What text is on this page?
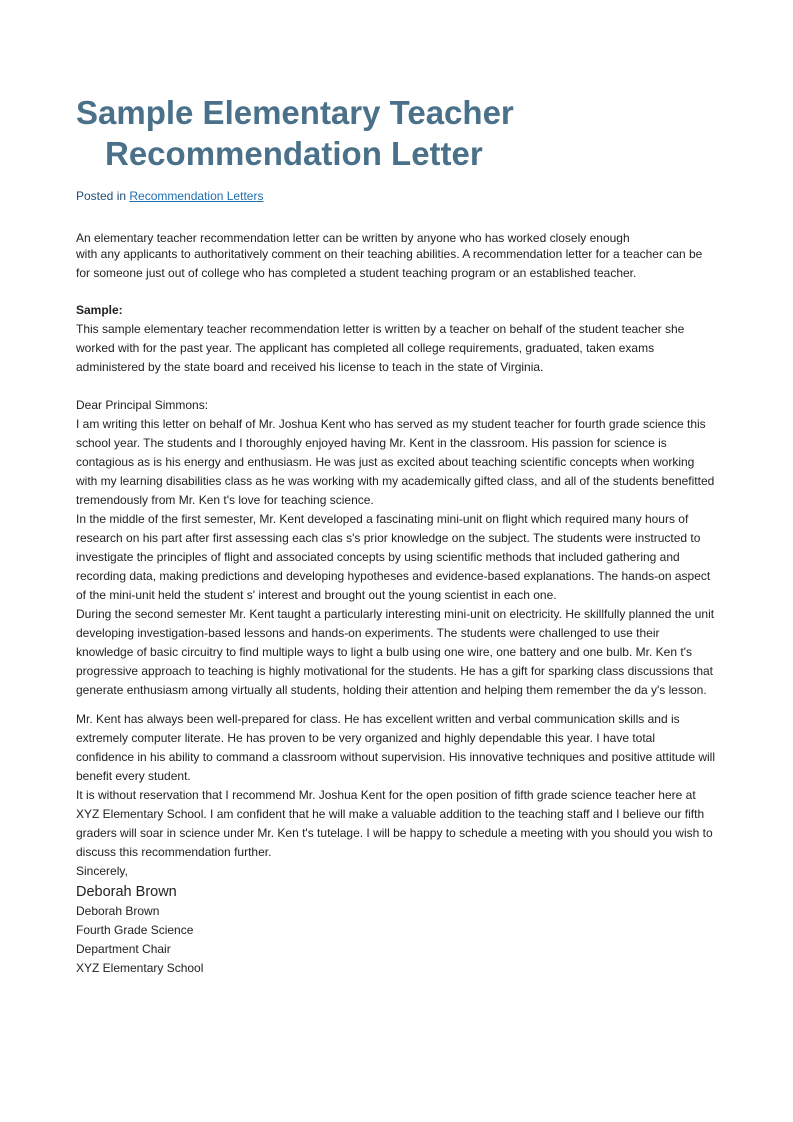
Sample Elementary Teacher
Recommendation Letter
Posted in Recommendation Letters
An elementary teacher recommendation letter can be written by anyone who has worked closely enough
with any applicants to authoritatively comment on their teaching abilities. A recommendation letter for a teacher can be for someone just out of college who has completed a student teaching program or an established teacher.
Sample:

This sample elementary teacher recommendation letter is written by a teacher on behalf of the student teacher she worked with for the past year. The applicant has completed all college requirements, graduated, taken exams administered by the state board and received his license to teach in the state of Virginia.

Dear Principal Simmons:

I am writing this letter on behalf of Mr. Joshua Kent who has served as my student teacher for fourth grade science this school year. The students and I thoroughly enjoyed having Mr. Kent in the classroom. His passion for science is contagious as is his energy and enthusiasm. He was just as excited about teaching scientific concepts when working with my learning disabilities class as he was working with my academically gifted class, and all of the students benefitted tremendously from Mr. Ken t's love for teaching science.

In the middle of the first semester, Mr. Kent developed a fascinating mini-unit on flight which required many hours of research on his part after first assessing each clas s's prior knowledge on the subject. The students were instructed to investigate the principles of flight and associated concepts by using scientific methods that included gathering and recording data, making predictions and developing hypotheses and evidence-based explanations. The hands-on aspect of the mini-unit held the student s' interest and brought out the young scientist in each one.

During the second semester Mr. Kent taught a particularly interesting mini-unit on electricity. He skillfully planned the unit developing investigation-based lessons and hands-on experiments. The students were challenged to use their knowledge of basic circuitry to find multiple ways to light a bulb using one wire, one battery and one bulb. Mr. Ken t's progressive approach to teaching is highly motivational for the students. He has a gift for sparking class discussions that generate enthusiasm among virtually all students, holding their attention and helping them remember the da y's lesson.

Mr. Kent has always been well-prepared for class. He has excellent written and verbal communication skills and is extremely computer literate. He has proven to be very organized and highly dependable this year. I have total confidence in his ability to command a classroom without supervision. His innovative techniques and positive attitude will benefit every student.

It is without reservation that I recommend Mr. Joshua Kent for the open position of fifth grade science teacher here at XYZ Elementary School. I am confident that he will make a valuable addition to the teaching staff and I believe our fifth graders will soar in science under Mr. Ken t's tutelage. I will be happy to schedule a meeting with you should you wish to discuss this recommendation further.

Sincerely,

Deborah Brown

Deborah Brown

Fourth Grade Science

Department Chair

XYZ Elementary School
